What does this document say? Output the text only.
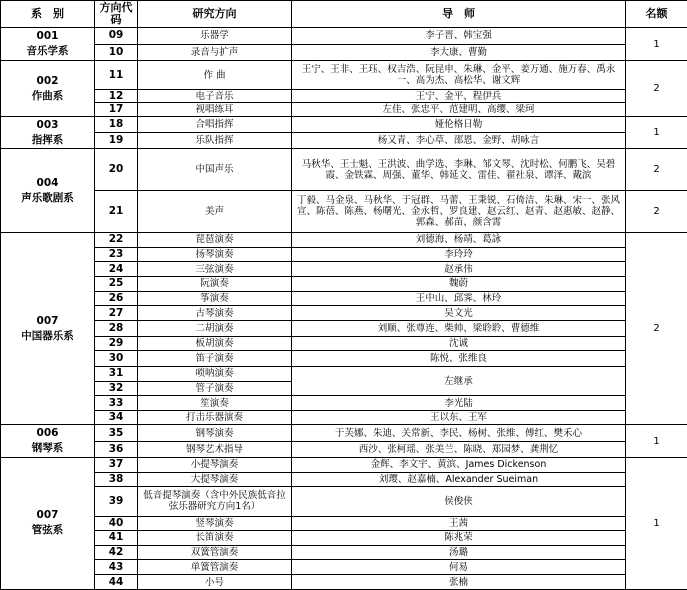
系　别	方向代码	研究方向	导　师	名额

001
音乐学系	09	乐器学	李子晋、韩宝强	1
	10	录音与扩声	李大康、曹勤	

002
作曲系	11	作 曲	王宁、王非、王珏、权吉浩、阮昆申、朱琳、金平、姜万通、施万春、禹永一、高为杰、高松华、谢文辉	2
	12	电子音乐	王宁、金平、程伊兵	
	17	视唱练耳	左佳、张忠平、范建明、高缨、梁珂	

003
指挥系	18	合唱指挥	娅伦格日勒	1
	19	乐队指挥	杨又青、李心草、邵恩、金野、胡咏言	

004
声乐歌剧系	20	中国声乐	马秋华、王士魁、王洪波、曲学选、李琳、邹文琴、沈时松、何鹏飞、吴碧霞、金铁霖、周强、董华、韩延文、雷佳、翟社泉、谭泽、戴滨	2
	21	美声	丁毅、马金泉、马秋华、于冠群、马蕾、王秉锐、石倚洁、朱琳、宋一、张风宣、陈蓓、陈燕、杨曙光、金永哲、罗良建、赵云红、赵青、赵惠敏、赵静、郭森、郝苗、颜含霄	2

007
中国器乐系	22	琵琶演奏	刘德海、杨靖、葛詠	2
	23	扬琴演奏	李玲玲	
	24	三弦演奏	赵承伟	
	25	阮演奏	魏蔚	
	26	筝演奏	王中山、邱霁、林玲	
	27	古琴演奏	吴文光	
	28	二胡演奏	刘顺、张尊连、柴帅、梁聆聆、曹德维	
	29	板胡演奏	沈诚	
	30	笛子演奏	陈悦、张维良	
	31	唢呐演奏	左继承	
	32	管子演奏		
	33	笙演奏	李光陆	
	34	打击乐器演奏	王以东、王军	

006
钢琴系	35	钢琴演奏	于芙娜、朱迪、关常新、李民、杨树、张维、傅红、樊禾心	1
	36	钢琴艺术指导	西沙、张柯瑶、张美兰、陈晓、郑园梦、龚荆忆	

007
管弦系	37	小提琴演奏	金辉、李文宇、黄滨、James Dickenson	1
	38	大提琴演奏	刘璎、赵嘉楠、Alexander Sueiman	
	39	低音提琴演奏（含中外民族低音拉弦乐器研究方向1名）	侯俊侠	
	40	竖琴演奏	王茜	
	41	长笛演奏	陈兆荣	
	42	双簧管演奏	汤璐	
	43	单簧管演奏	何易	
	44	小号	张楠	
